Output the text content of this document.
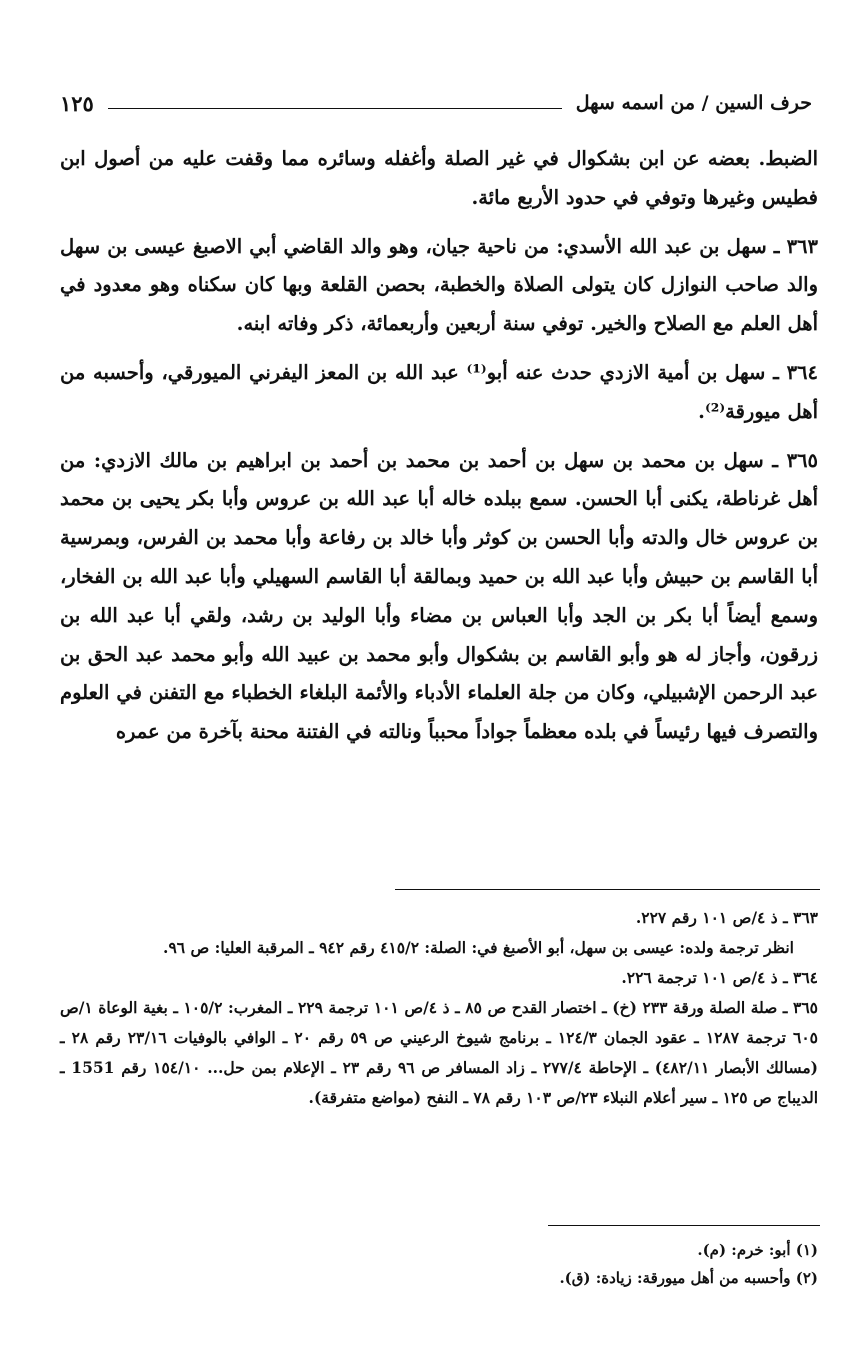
حرف السين / من اسمه سهل
١٢٥

الضبط. بعضه عن ابن بشكوال في غير الصلة وأغفله وسائره مما وقفت عليه من أصول ابن فطيس وغيرها وتوفي في حدود الأربع مائة.

٣٦٣ ـ سهل بن عبد الله الأسدي: من ناحية جيان، وهو والد القاضي أبي الاصبغ عيسى بن سهل والد صاحب النوازل كان يتولى الصلاة والخطبة، بحصن القلعة وبها كان سكناه وهو معدود في أهل العلم مع الصلاح والخير. توفي سنة أربعين وأربعمائة، ذكر وفاته ابنه.

٣٦٤ ـ سهل بن أمية الازدي حدث عنه أبو⁽¹⁾ عبد الله بن المعز اليفرني الميورقي، وأحسبه من أهل ميورقة⁽²⁾.

٣٦٥ ـ سهل بن محمد بن سهل بن أحمد بن محمد بن أحمد بن ابراهيم بن مالك الازدي: من أهل غرناطة، يكنى أبا الحسن. سمع ببلده خاله أبا عبد الله بن عروس وأبا بكر يحيى بن محمد بن عروس خال والدته وأبا الحسن بن كوثر وأبا خالد بن رفاعة وأبا محمد بن الفرس، وبمرسية أبا القاسم بن حبيش وأبا عبد الله بن حميد وبمالقة أبا القاسم السهيلي وأبا عبد الله بن الفخار، وسمع أيضاً أبا بكر بن الجد وأبا العباس بن مضاء وأبا الوليد بن رشد، ولقي أبا عبد الله بن زرقون، وأجاز له هو وأبو القاسم بن بشكوال وأبو محمد بن عبيد الله وأبو محمد عبد الحق بن عبد الرحمن الإشبيلي، وكان من جلة العلماء الأدباء والأئمة البلغاء الخطباء مع التفنن في العلوم والتصرف فيها رئيساً في بلده معظماً جواداً محبباً ونالته في الفتنة محنة بآخرة من عمره

٣٦٣ ـ ذ ٤/ص ١٠١ رقم ٢٢٧.
انظر ترجمة ولده: عيسى بن سهل، أبو الأصبغ في: الصلة: ٤١٥/٢ رقم ٩٤٢ ـ المرقبة العليا: ص ٩٦.
٣٦٤ ـ ذ ٤/ص ١٠١ ترجمة ٢٢٦.
٣٦٥ ـ صلة الصلة ورقة ٢٣٣ (خ) ـ اختصار القدح ص ٨٥ ـ ذ ٤/ص ١٠١ ترجمة ٢٢٩ ـ المغرب: ١٠٥/٢ ـ بغية الوعاة ١/ص ٦٠٥ ترجمة ١٢٨٧ ـ عقود الجمان ١٢٤/٣ ـ برنامج شيوخ الرعيني ص ٥٩ رقم ٢٠ ـ الوافي بالوفيات ٢٣/١٦ رقم ٢٨ ـ (مسالك الأبصار ٤٨٢/١١) ـ الإحاطة ٢٧٧/٤ ـ زاد المسافر ص ٩٦ رقم ٢٣ ـ الإعلام بمن حل... ١٥٤/١٠ رقم 1551 ـ الديباج ص ١٢٥ ـ سير أعلام النبلاء ٢٣/ص ١٠٣ رقم ٧٨ ـ النفح (مواضع متفرقة).
(١) أبو: خرم: (م).
(٢) وأحسبه من أهل ميورقة: زيادة: (ق).
